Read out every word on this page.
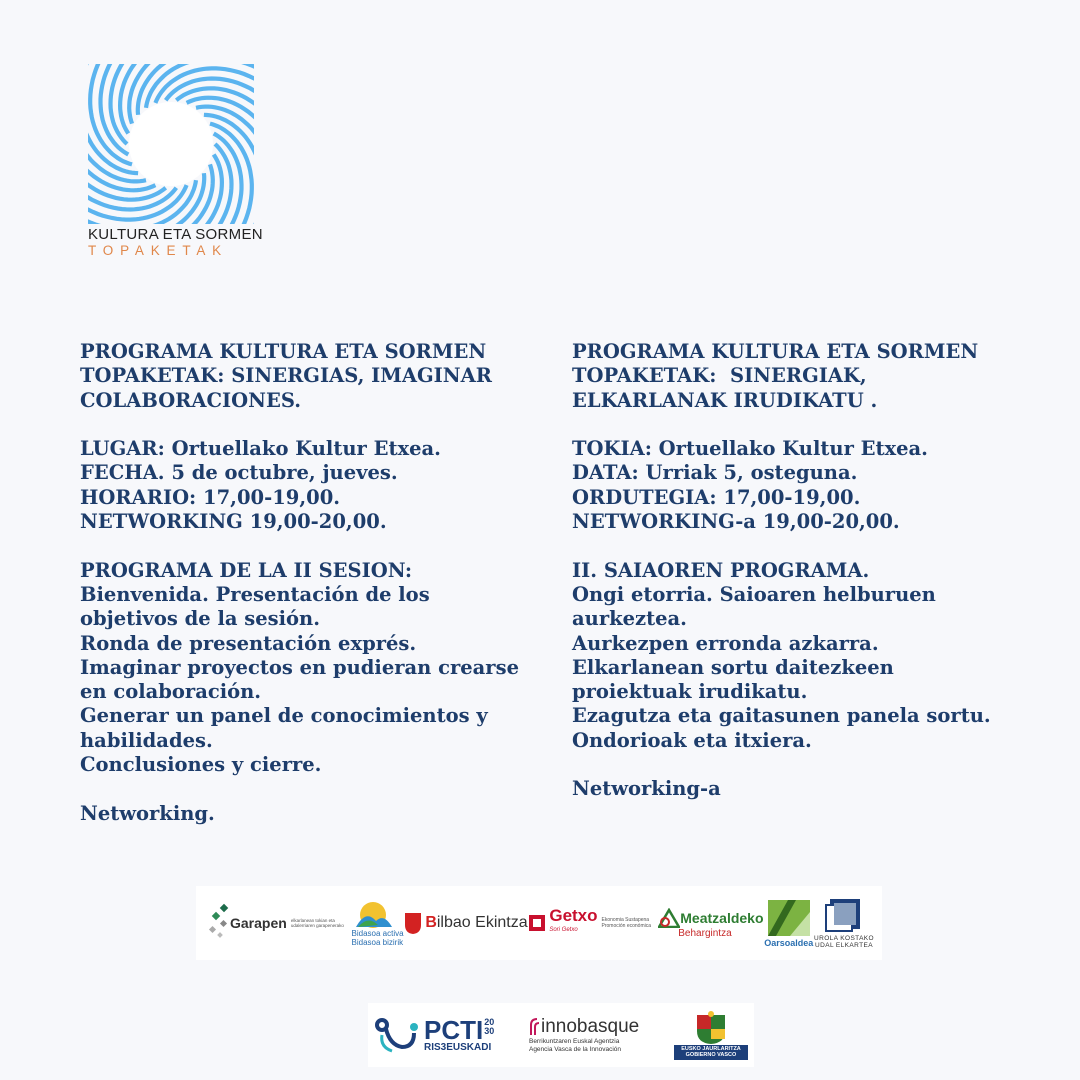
KULTURA ETA SORMEN
TOPAKETAK

PROGRAMA KULTURA ETA SORMEN

TOPAKETAK: SINERGIAS, IMAGINAR

COLABORACIONES.

LUGAR: Ortuellako Kultur Etxea.

FECHA. 5 de octubre, jueves.

HORARIO: 17,00-19,00.

NETWORKING 19,00-20,00.

PROGRAMA DE LA II SESION:

Bienvenida. Presentación de los

objetivos de la sesión.

Ronda de presentación exprés.

Imaginar proyectos en pudieran crearse

en colaboración.

Generar un panel de conocimientos y

habilidades.

Conclusiones y cierre.

Networking.

PROGRAMA KULTURA ETA SORMEN

TOPAKETAK:  SINERGIAK,

ELKARLANAK IRUDIKATU .

TOKIA: Ortuellako Kultur Etxea.

DATA: Urriak 5, osteguna.

ORDUTEGIA: 17,00-19,00.

NETWORKING-a 19,00-20,00.

II. SAIAOREN PROGRAMA.

Ongi etorria. Saioaren helburuen

aurkeztea.

Aurkezpen erronda azkarra.

Elkarlanean sortu daitezkeen

proiektuak irudikatu.

Ezagutza eta gaitasunen panela sortu.

Ondorioak eta itxiera.

Networking-a

Garapen elkarlanean tokian eta udalerriaren garapenerako
Bidasoa activa
Bidasoa bizirik
Bilbao Ekintza Getxo
Sori Getxo
Ekonomia Sustapena Promoción económica
Meatzaldeko
Behargintza
Oarsoaldea UROLA KOSTAKO
UDAL ELKARTEA
PCTI 20
30
RIS3EUSKADI
innobasque
Berrikuntzaren Euskal Agentzia
Agencia Vasca de la Innovación	EUSKO JAURLARITZA
GOBIERNO VASCO
